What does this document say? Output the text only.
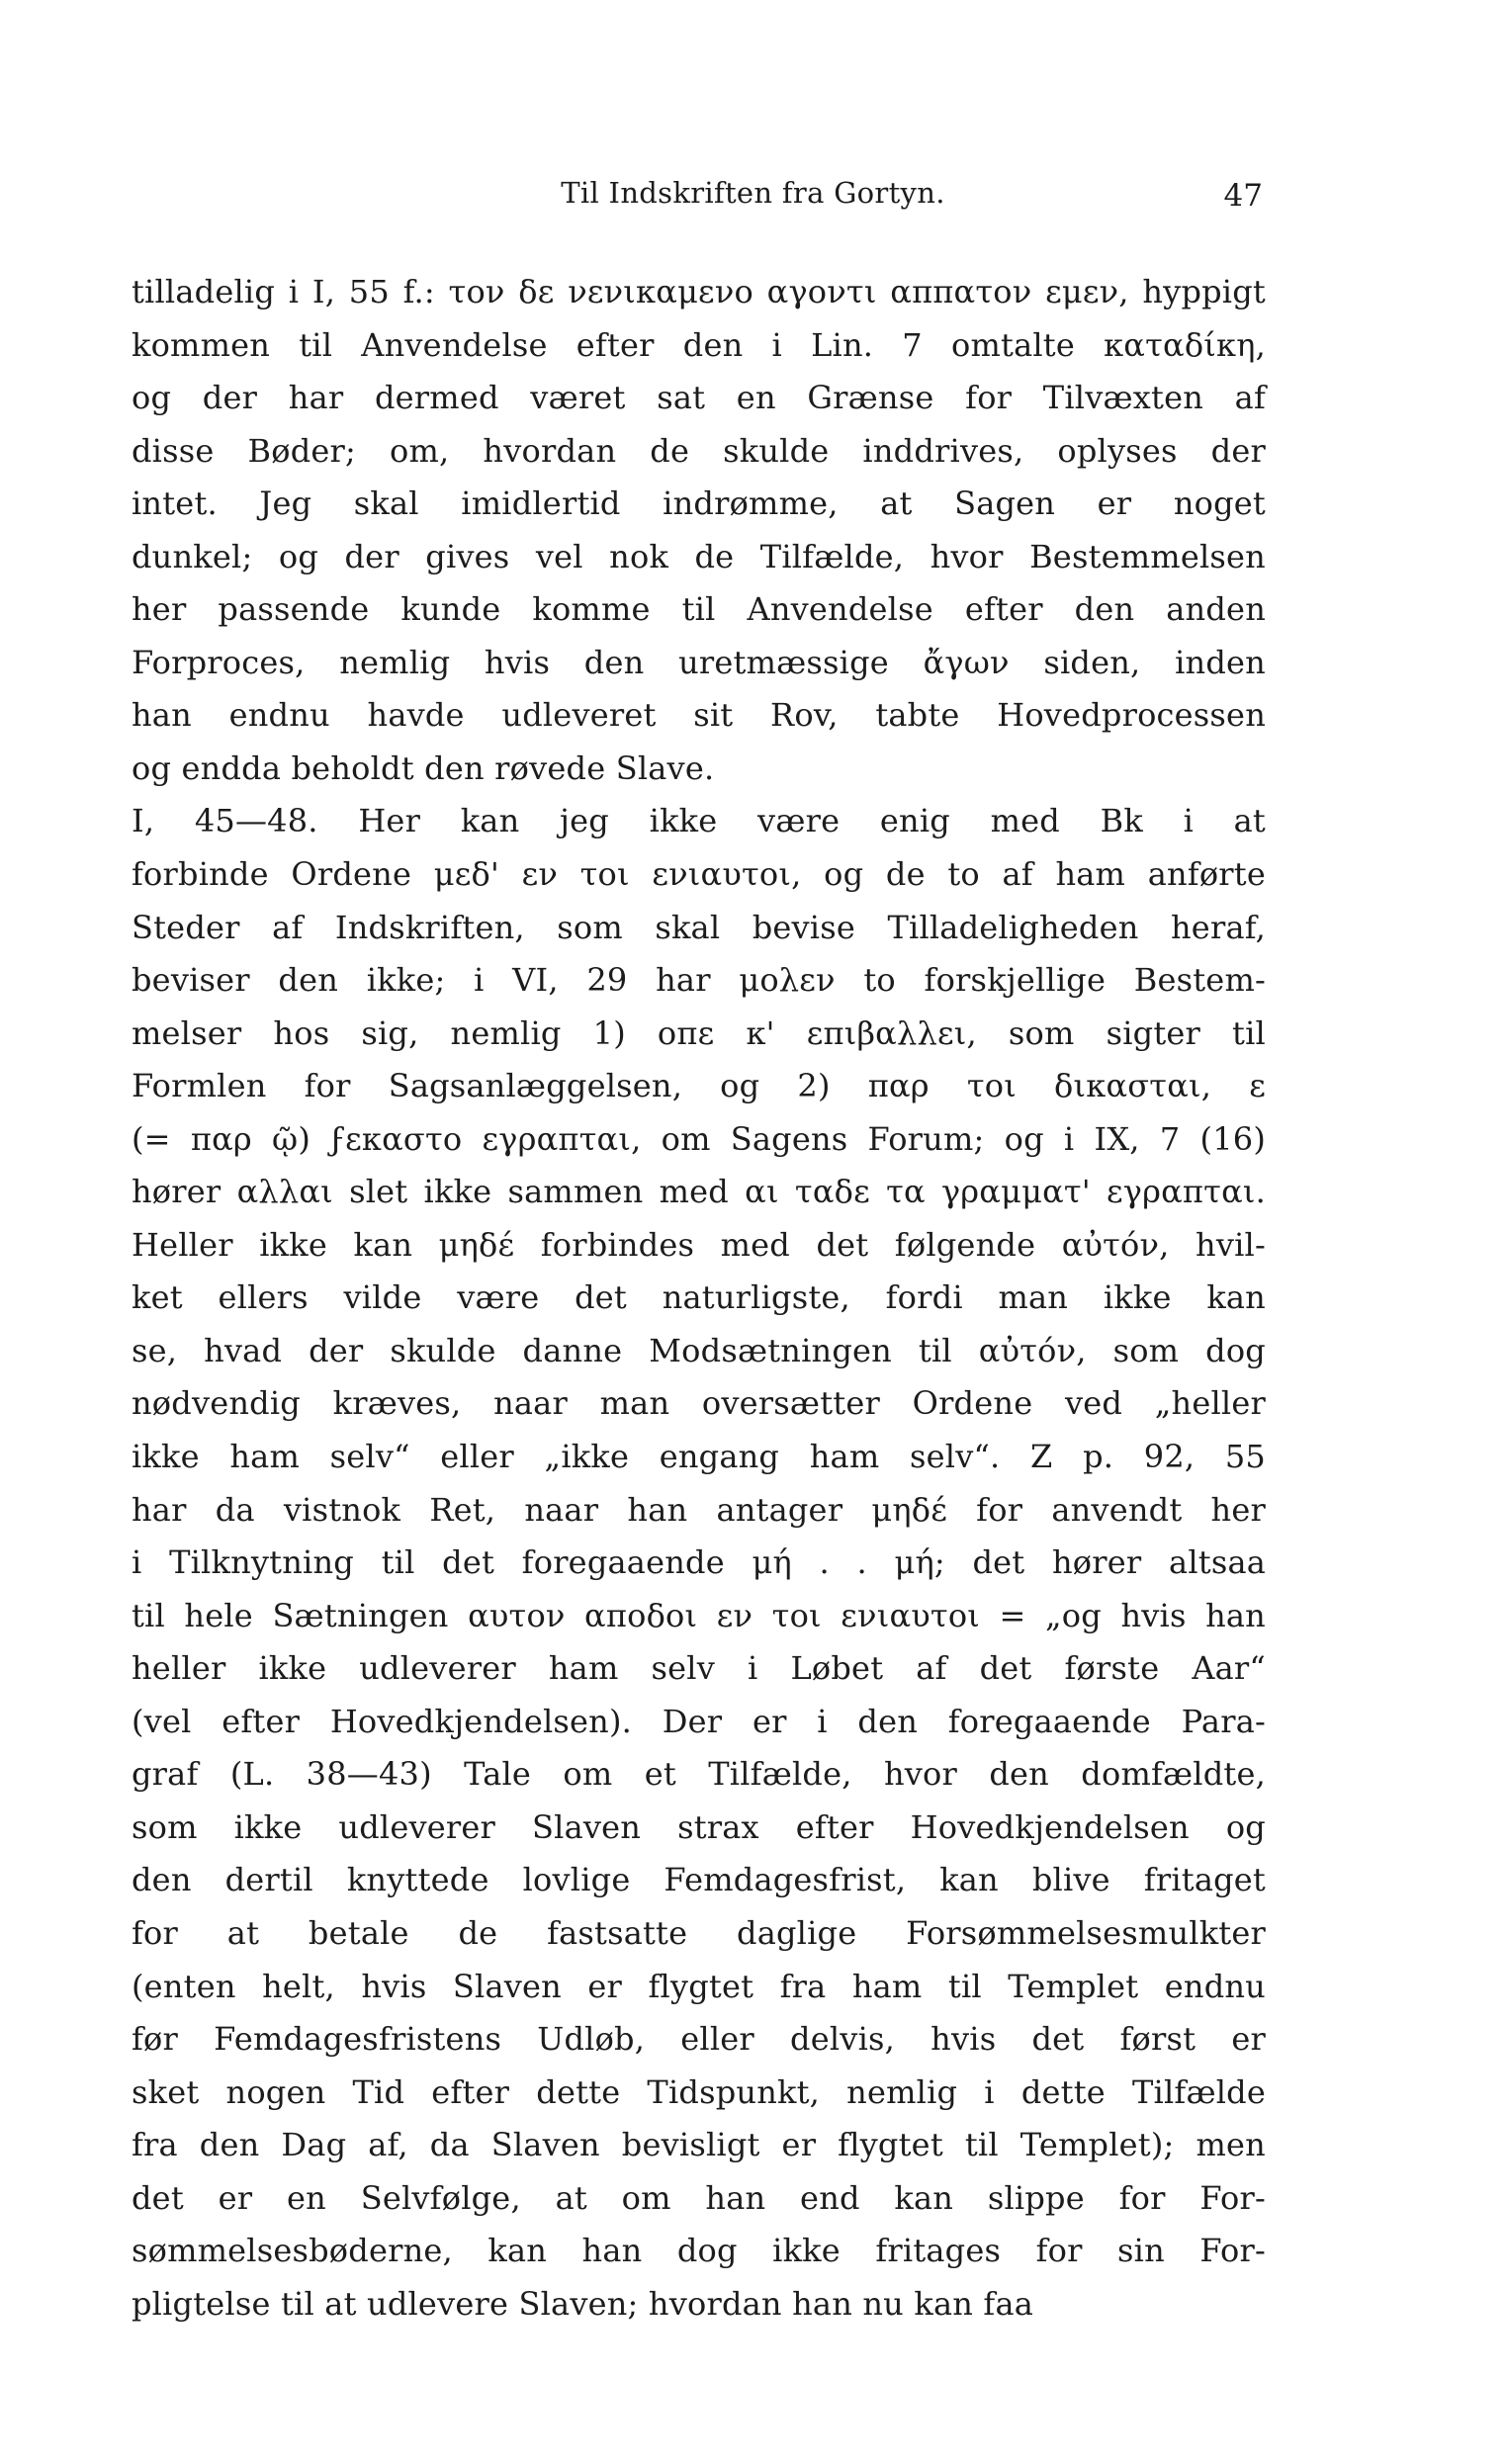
Til Indskriften fra Gortyn.	47
tilladelig i I, 55 f.: τον δε νενικαμενο αγοντι αππατον εμεν, hyppigt
kommen til Anvendelse efter den i Lin. 7 omtalte καταδίκη,
og der har dermed været sat en Grænse for Tilvæxten af
disse Bøder; om, hvordan de skulde inddrives, oplyses der
intet. Jeg skal imidlertid indrømme, at Sagen er noget
dunkel; og der gives vel nok de Tilfælde, hvor Bestemmelsen
her passende kunde komme til Anvendelse efter den anden
Forproces, nemlig hvis den uretmæssige ἄγων siden, inden
han endnu havde udleveret sit Rov, tabte Hovedprocessen
og endda beholdt den røvede Slave.
I, 45—48. Her kan jeg ikke være enig med Bk i at
forbinde Ordene μεδ' εν τοι ενιαυτοι, og de to af ham anførte
Steder af Indskriften, som skal bevise Tilladeligheden heraf,
beviser den ikke; i VI, 29 har μολεν to forskjellige Bestem-
melser hos sig, nemlig 1) οπε κ' επιβαλλει, som sigter til
Formlen for Sagsanlæggelsen, og 2) παρ τοι δικασται, ε
(= παρ ῷ) ϝεκαστο εγραπται, om Sagens Forum; og i IX, 7 (16)
hører αλλαι slet ikke sammen med αι ταδε τα γραμματ' εγραπται.
Heller ikke kan μηδέ forbindes med det følgende αὐτόν, hvil-
ket ellers vilde være det naturligste, fordi man ikke kan
se, hvad der skulde danne Modsætningen til αὐτόν, som dog
nødvendig kræves, naar man oversætter Ordene ved „heller
ikke ham selv“ eller „ikke engang ham selv“. Z p. 92, 55
har da vistnok Ret, naar han antager μηδέ for anvendt her
i Tilknytning til det foregaaende μή . . μή; det hører altsaa
til hele Sætningen αυτον αποδοι εν τοι ενιαυτοι = „og hvis han
heller ikke udleverer ham selv i Løbet af det første Aar“
(vel efter Hovedkjendelsen). Der er i den foregaaende Para-
graf (L. 38—43) Tale om et Tilfælde, hvor den domfældte,
som ikke udleverer Slaven strax efter Hovedkjendelsen og
den dertil knyttede lovlige Femdagesfrist, kan blive fritaget
for at betale de fastsatte daglige Forsømmelsesmulkter
(enten helt, hvis Slaven er flygtet fra ham til Templet endnu
før Femdagesfristens Udløb, eller delvis, hvis det først er
sket nogen Tid efter dette Tidspunkt, nemlig i dette Tilfælde
fra den Dag af, da Slaven bevisligt er flygtet til Templet); men
det er en Selvfølge, at om han end kan slippe for For-
sømmelsesbøderne, kan han dog ikke fritages for sin For-
pligtelse til at udlevere Slaven; hvordan han nu kan faa
